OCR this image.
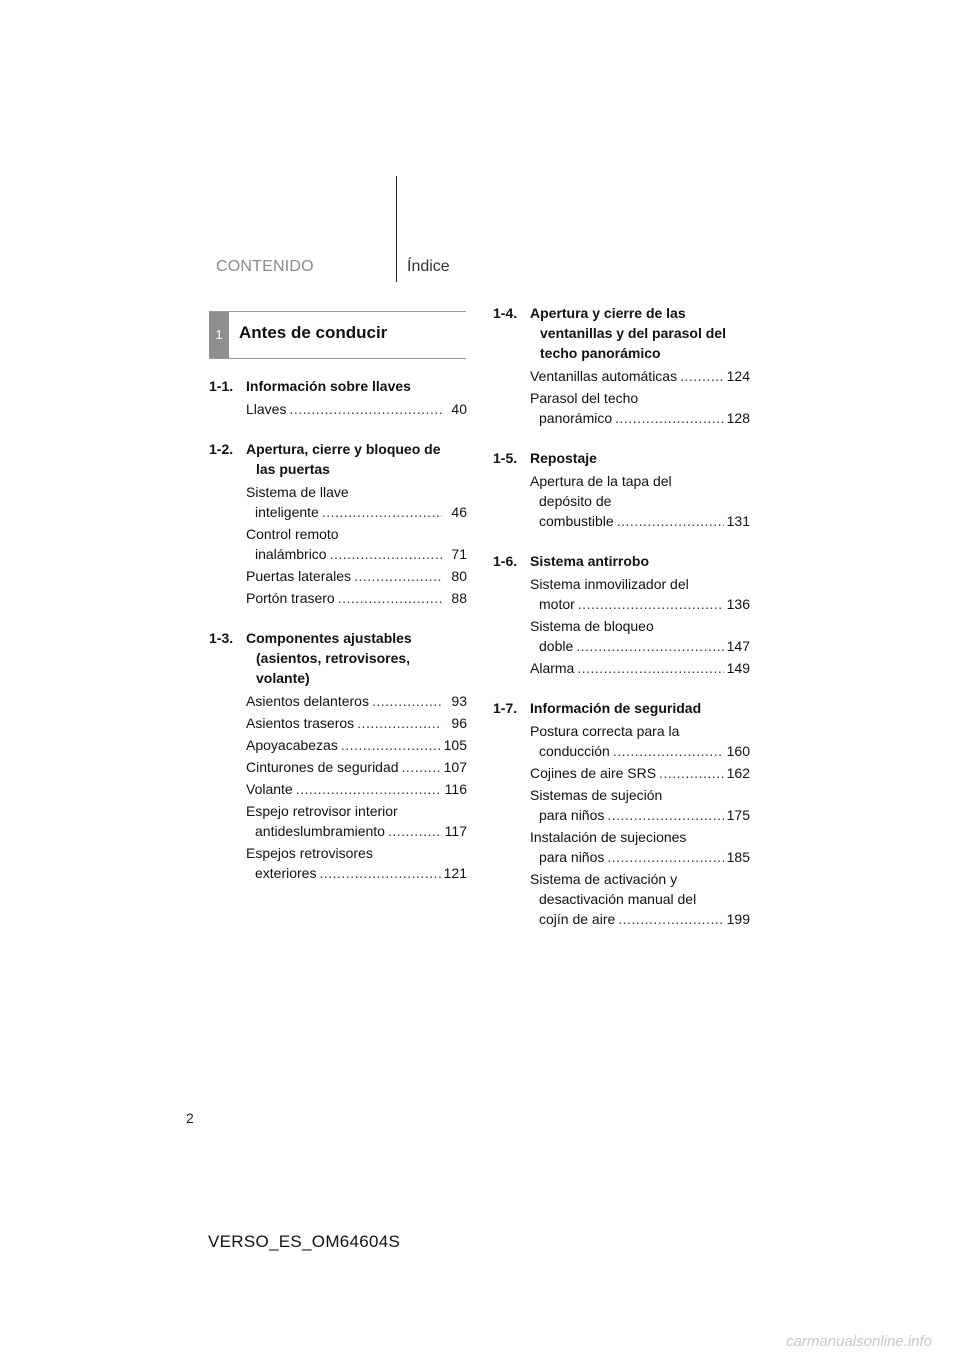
CONTENIDO	Índice
1 Antes de conducir
1-1. Información sobre llaves
Llaves .....	40
1-2. Apertura, cierre y bloqueo de
las puertas
Sistema de llave
inteligente .....	46
Control remoto
inalámbrico .....	71
Puertas laterales .....	80
Portón trasero .....	88
1-3. Componentes ajustables
(asientos, retrovisores,
volante)
Asientos delanteros .....	93
Asientos traseros .....	96
Apoyacabezas .....	105
Cinturones de seguridad .....	107
Volante .....	116
Espejo retrovisor interior
antideslumbramiento .....	117
Espejos retrovisores
exteriores .....	121
1-4. Apertura y cierre de las
ventanillas y del parasol del
techo panorámico
Ventanillas automáticas .....	124
Parasol del techo
panorámico .....	128
1-5. Repostaje
Apertura de la tapa del
depósito de
combustible .....	131
1-6. Sistema antirrobo
Sistema inmovilizador del
motor .....	136
Sistema de bloqueo
doble .....	147
Alarma .....	149
1-7. Información de seguridad
Postura correcta para la
conducción .....	160
Cojines de aire SRS .....	162
Sistemas de sujeción
para niños .....	175
Instalación de sujeciones
para niños .....	185
Sistema de activación y
desactivación manual del
cojín de aire .....	199
2
VERSO_ES_OM64604S
carmanualsonline.info
